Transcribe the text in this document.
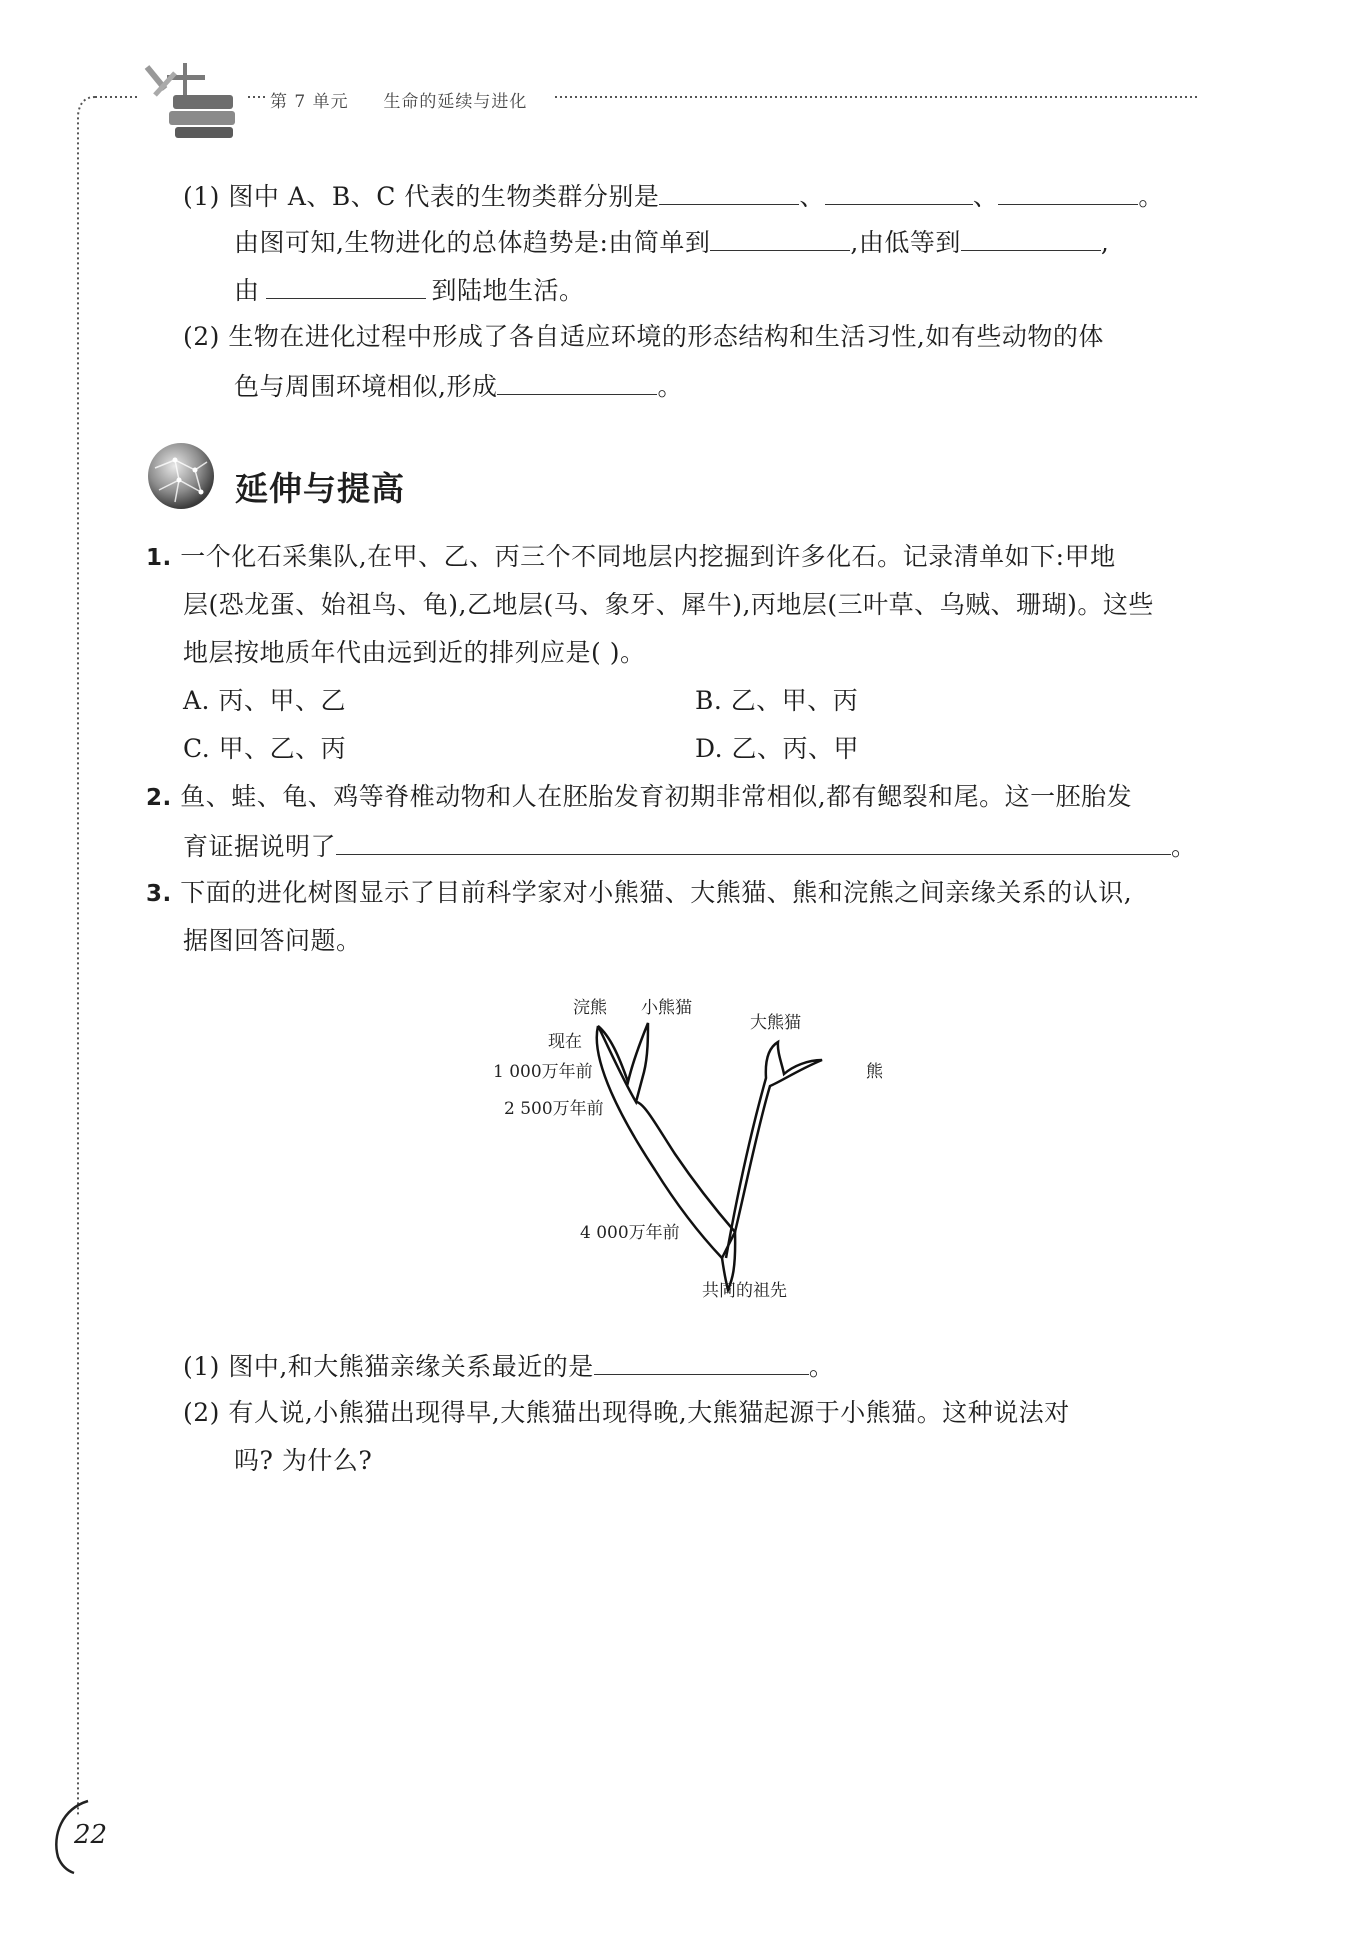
第 7 单元 生命的延续与进化
(1) 图中 A、B、C 代表的生物类群分别是	、	、	。
由图可知,生物进化的总体趋势是:由简单到	,由低等到	,
由	到陆地生活。
(2) 生物在进化过程中形成了各自适应环境的形态结构和生活习性,如有些动物的体
色与周围环境相似,形成	。
延伸与提高
1. 一个化石采集队,在甲、乙、丙三个不同地层内挖掘到许多化石。记录清单如下:甲地
层(恐龙蛋、始祖鸟、龟),乙地层(马、象牙、犀牛),丙地层(三叶草、乌贼、珊瑚)。这些
地层按地质年代由远到近的排列应是( )。
A. 丙、甲、乙	B. 乙、甲、丙
C. 甲、乙、丙	D. 乙、丙、甲
2. 鱼、蛙、龟、鸡等脊椎动物和人在胚胎发育初期非常相似,都有鳃裂和尾。这一胚胎发
育证据说明了	。
3. 下面的进化树图显示了目前科学家对小熊猫、大熊猫、熊和浣熊之间亲缘关系的认识,
据图回答问题。
浣熊 小熊猫
大熊猫
熊
现在
1 000万年前
2 500万年前
4 000万年前
共同的祖先
(1) 图中,和大熊猫亲缘关系最近的是	。
(2) 有人说,小熊猫出现得早,大熊猫出现得晚,大熊猫起源于小熊猫。这种说法对
吗? 为什么?
22
